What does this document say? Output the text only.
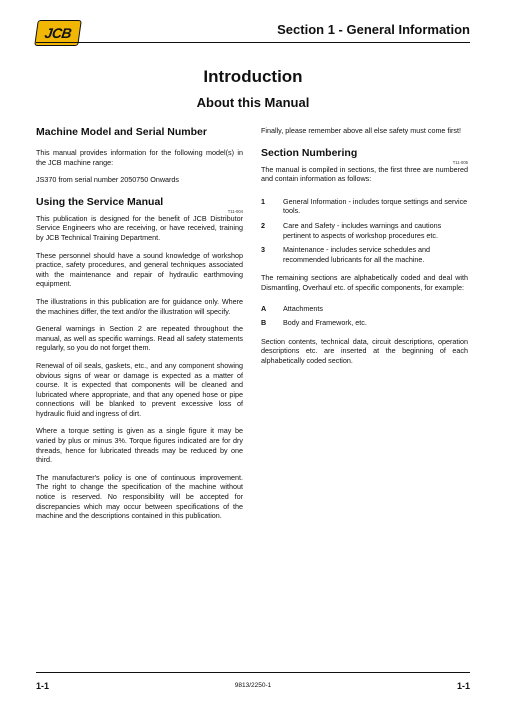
JCB	Section 1 - General Information
Introduction
About this Manual
Machine Model and Serial Number

This manual provides information for the following model(s) in the JCB machine range:

JS370 from serial number 2050750 Onwards

Using the Service Manual
T11-004

This publication is designed for the benefit of JCB Distributor Service Engineers who are receiving, or have received, training by JCB Technical Training Department.

These personnel should have a sound knowledge of workshop practice, safety procedures, and general techniques associated with the maintenance and repair of hydraulic earthmoving equipment.

The illustrations in this publication are for guidance only. Where the machines differ, the text and/or the illustration will specify.

General warnings in Section 2 are repeated throughout the manual, as well as specific warnings. Read all safety statements regularly, so you do not forget them.

Renewal of oil seals, gaskets, etc., and any component showing obvious signs of wear or damage is expected as a matter of course. It is expected that components will be cleaned and lubricated where appropriate, and that any opened hose or pipe connections will be blanked to prevent excessive loss of hydraulic fluid and ingress of dirt.

Where a torque setting is given as a single figure it may be varied by plus or minus 3%. Torque figures indicated are for dry threads, hence for lubricated threads may be reduced by one third.

The manufacturer's policy is one of continuous improvement. The right to change the specification of the machine without notice is reserved. No responsibility will be accepted for discrepancies which may occur between specifications of the machine and the descriptions contained in this publication.

Finally, please remember above all else safety must come first!

Section Numbering
T11-005

The manual is compiled in sections, the first three are numbered and contain information as follows:

1	General Information - includes torque settings and service tools.
2	Care and Safety - includes warnings and cautions pertinent to aspects of workshop procedures etc.
3	Maintenance - includes service schedules and recommended lubricants for all the machine.

The remaining sections are alphabetically coded and deal with Dismantling, Overhaul etc. of specific components, for example:

A	Attachments
B	Body and Framework, etc.

Section contents, technical data, circuit descriptions, operation descriptions etc. are inserted at the beginning of each alphabetically coded section.

1-1	9813/2250-1	1-1
